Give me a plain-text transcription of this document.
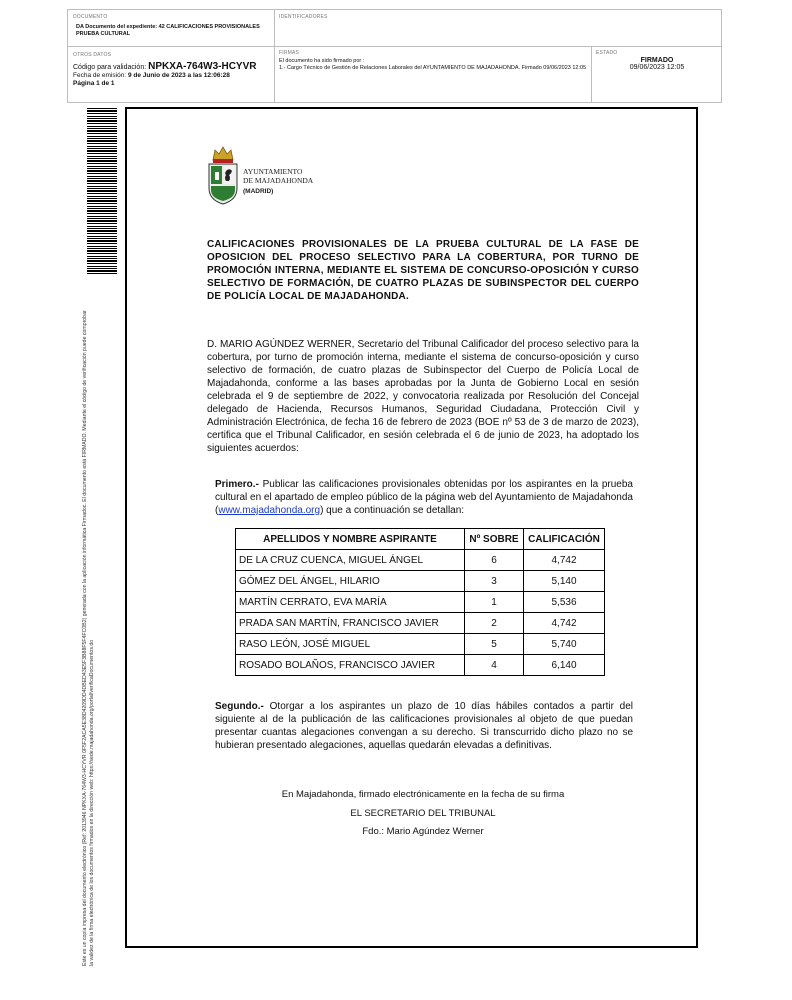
DOCUMENTO
DA Documento del expediente: 42 CALIFICACIONES PROVISIONALES PRUEBA CULTURAL
IDENTIFICADORES
OTROS DATOS
Código para validación: NPKXA-764W3-HCYVR
Fecha de emisión: 9 de Junio de 2023 a las 12:06:28
Página 1 de 1
FIRMAS
El documento ha sido firmado por :
1.- Cargo Técnico de Gestión de Relaciones Laborales del AYUNTAMIENTO DE MAJADAHONDA. Firmado 09/06/2023 12:05
ESTADO
FIRMADO
09/06/2023 12:05
Este es un copia impresa del documento electrónico (Ref: 2013946 NPKXA-764W3-HCYVR 0F5F2ACA5E38D4209DD4DBED43E5F3B88F5F4FC0B2) generada con la aplicación informática Firmadoc. El documento está FIRMADO. Mediante el código de verificación puede comprobar la validez de la firma electrónica de los documentos firmados en la dirección web: https://sede.majadahonda.org/portal/verificaDocumentos.do
AYUNTAMIENTO
DE MAJADAHONDA
(MADRID)
CALIFICACIONES PROVISIONALES DE LA PRUEBA CULTURAL DE LA FASE DE OPOSICION DEL PROCESO SELECTIVO PARA LA COBERTURA, POR TURNO DE PROMOCIÓN INTERNA, MEDIANTE EL SISTEMA DE CONCURSO-OPOSICIÓN Y CURSO SELECTIVO DE FORMACIÓN, DE CUATRO PLAZAS DE SUBINSPECTOR DEL CUERPO DE POLICÍA LOCAL DE MAJADAHONDA.
D. MARIO AGÚNDEZ WERNER, Secretario del Tribunal Calificador del proceso selectivo para la cobertura, por turno de promoción interna, mediante el sistema de concurso-oposición y curso selectivo de formación, de cuatro plazas de Subinspector del Cuerpo de Policía Local de Majadahonda, conforme a las bases aprobadas por la Junta de Gobierno Local en sesión celebrada el 9 de septiembre de 2022, y convocatoria realizada por Resolución del Concejal delegado de Hacienda, Recursos Humanos, Seguridad Ciudadana, Protección Civil y Administración Electrónica, de fecha 16 de febrero de 2023 (BOE nº 53 de 3 de marzo de 2023), certifica que el Tribunal Calificador, en sesión celebrada el 6 de junio de 2023, ha adoptado los siguientes acuerdos:
Primero.- Publicar las calificaciones provisionales obtenidas por los aspirantes en la prueba cultural en el apartado de empleo público de la página web del Ayuntamiento de Majadahonda (www.majadahonda.org) que a continuación se detallan:
APELLIDOS Y NOMBRE ASPIRANTE	Nº SOBRE	CALIFICACIÓN
DE LA CRUZ CUENCA, MIGUEL ÁNGEL	6	4,742
GÓMEZ DEL ÁNGEL, HILARIO	3	5,140
MARTÍN CERRATO, EVA MARÍA	1	5,536
PRADA SAN MARTÍN, FRANCISCO JAVIER	2	4,742
RASO LEÓN, JOSÉ MIGUEL	5	5,740
ROSADO BOLAÑOS, FRANCISCO JAVIER	4	6,140
Segundo.- Otorgar a los aspirantes un plazo de 10 días hábiles contados a partir del siguiente al de la publicación de las calificaciones provisionales al objeto de que puedan presentar cuantas alegaciones convengan a su derecho. Si transcurrido dicho plazo no se hubieran presentado alegaciones, aquellas quedarán elevadas a definitivas.
En Majadahonda, firmado electrónicamente en la fecha de su firma
EL SECRETARIO DEL TRIBUNAL
Fdo.: Mario Agúndez Werner
